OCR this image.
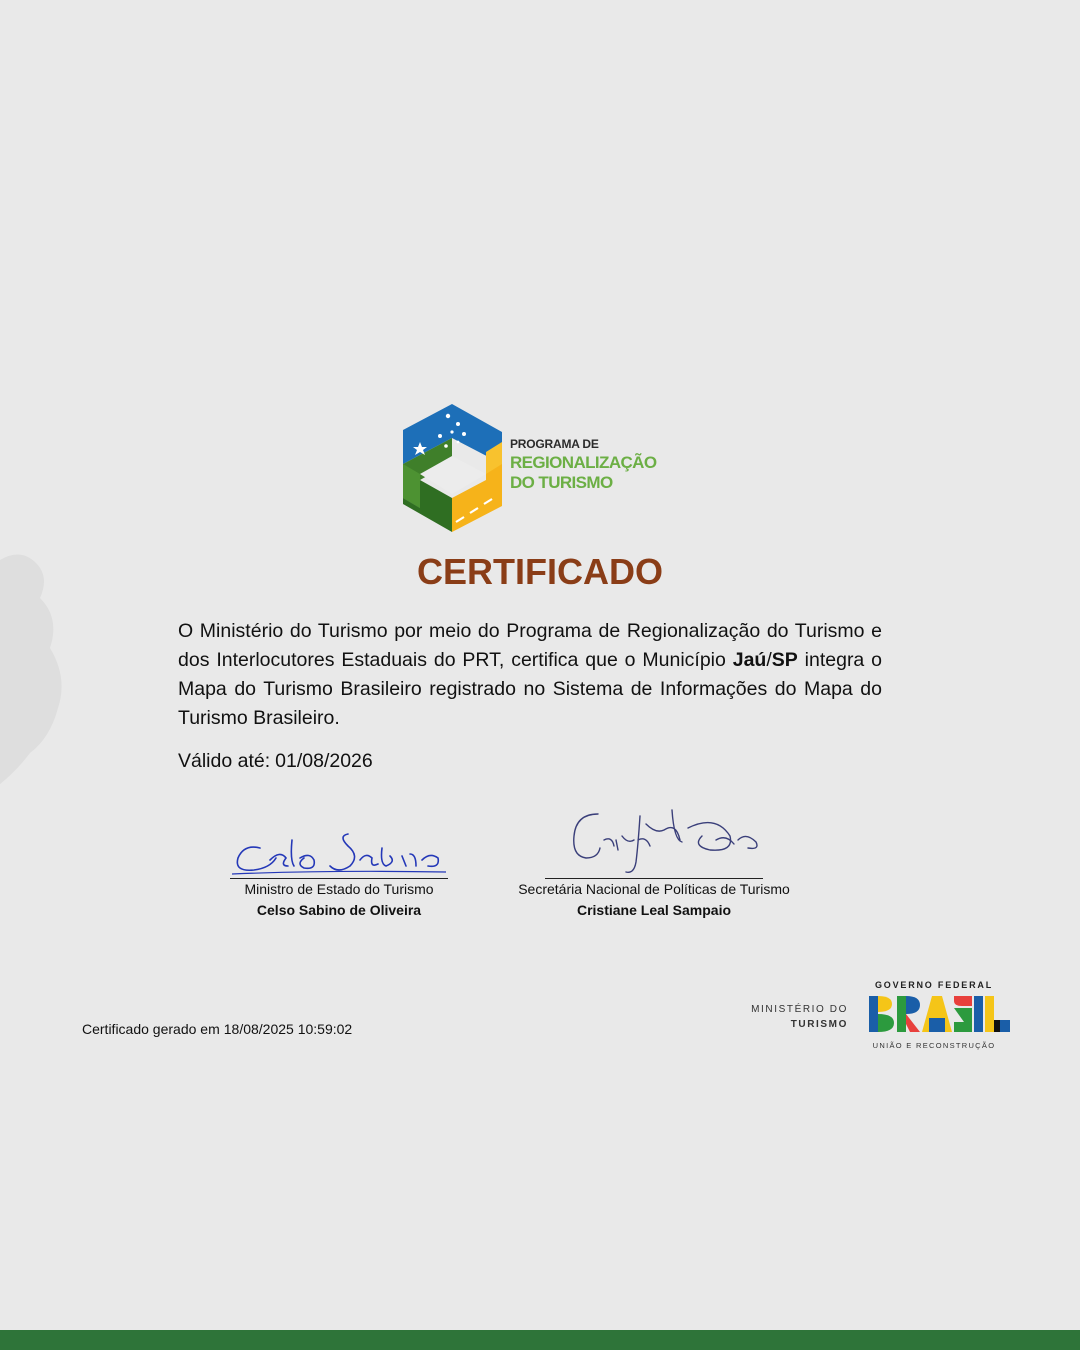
PROGRAMA DE
REGIONALIZAÇÃO
DO TURISMO
CERTIFICADO

O Ministério do Turismo por meio do Programa de Regionalização do Turismo e dos Interlocutores Estaduais do PRT, certifica que o Município Jaú/SP integra o Mapa do Turismo Brasileiro registrado no Sistema de Informações do Mapa do Turismo Brasileiro.

Válido até: 01/08/2026

Ministro de Estado do Turismo
Celso Sabino de Oliveira
Secretária Nacional de Políticas de Turismo
Cristiane Leal Sampaio
Certificado gerado em 18/08/2025 10:59:02
MINISTÉRIO DO
TURISMO
GOVERNO FEDERAL
UNIÃO E RECONSTRUÇÃO
